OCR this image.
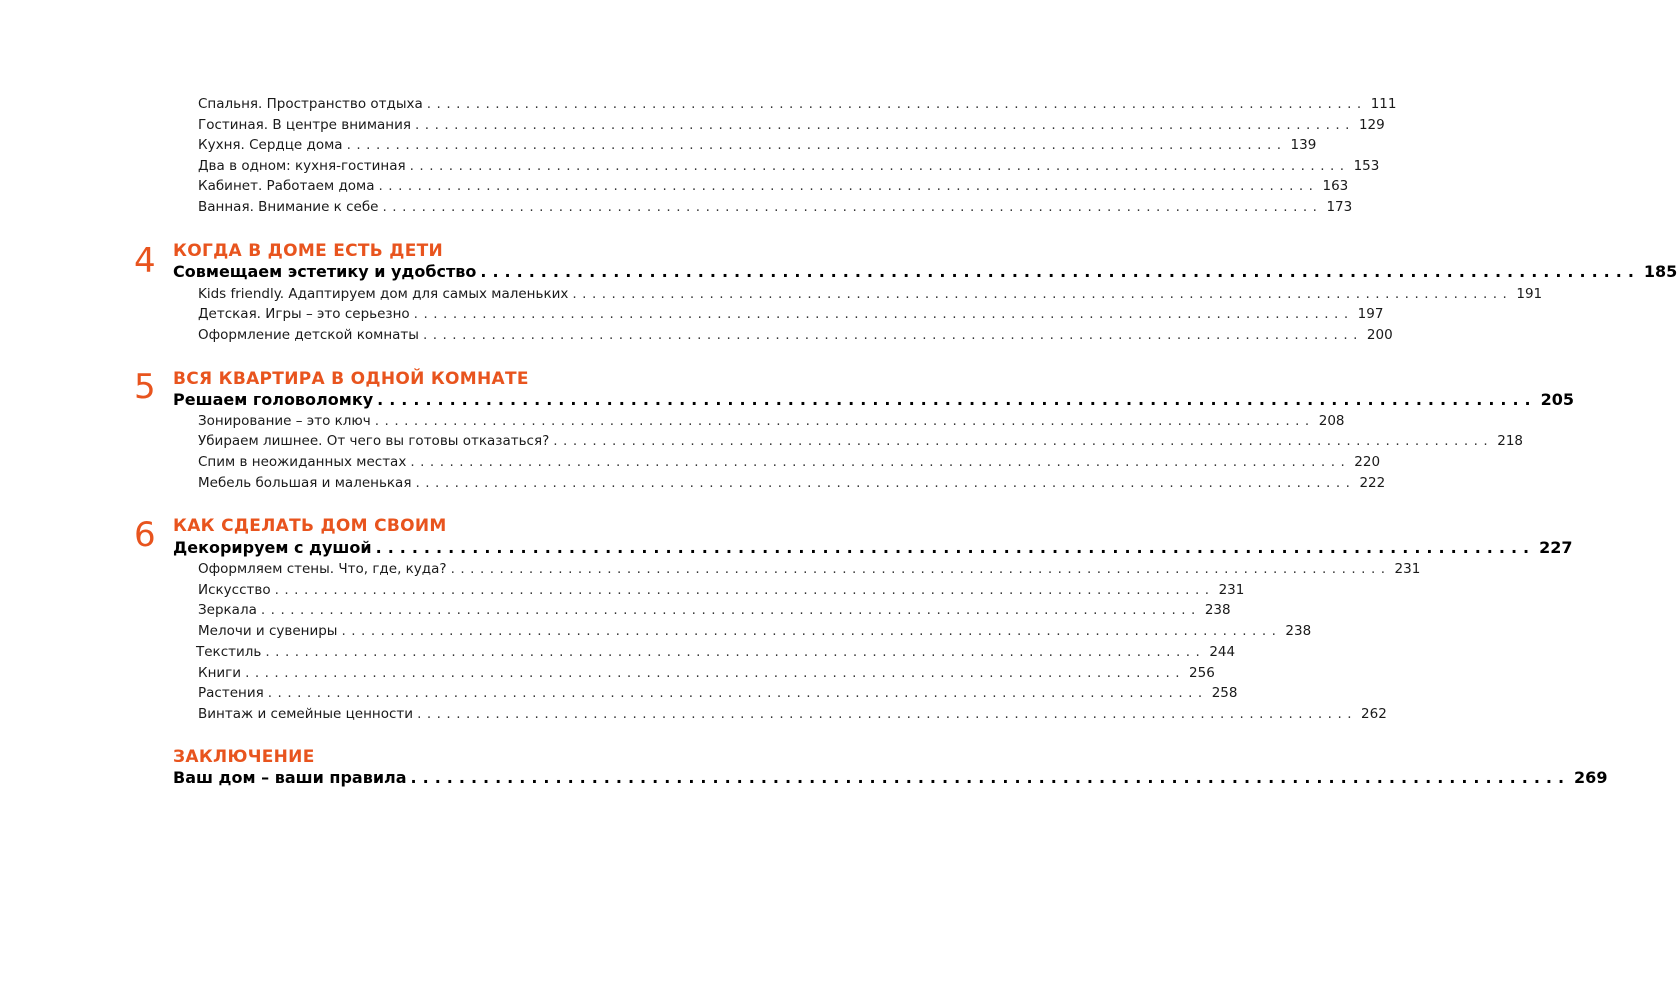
Спальня. Пространство отдыха ................................................................................................ 111
Гостиная. В центре внимания ................................................................................................ 129
Кухня. Сердце дома ................................................................................................ 139
Два в одном: кухня-гостиная ................................................................................................ 153
Кабинет. Работаем дома ................................................................................................ 163
Ванная. Внимание к себе ................................................................................................ 173
4 КОГДА В ДОМЕ ЕСТЬ ДЕТИ
Совмещаем эстетику и удобство ................................................................................................ 185
Kids friendly. Адаптируем дом для самых маленьких ................................................................................................ 191
Детская. Игры – это серьезно ................................................................................................ 197
Оформление детской комнаты ................................................................................................ 200
5 ВСЯ КВАРТИРА В ОДНОЙ КОМНАТЕ
Решаем головоломку ................................................................................................ 205
Зонирование – это ключ ................................................................................................ 208
Убираем лишнее. От чего вы готовы отказаться? ................................................................................................ 218
Спим в неожиданных местах ................................................................................................ 220
Мебель большая и маленькая ................................................................................................ 222
6 КАК СДЕЛАТЬ ДОМ СВОИМ
Декорируем с душой ................................................................................................ 227
Оформляем стены. Что, где, куда? ................................................................................................ 231
Искусство ................................................................................................ 231
Зеркала ................................................................................................ 238
Мелочи и сувениры ................................................................................................ 238
Текстиль ................................................................................................ 244
Книги ................................................................................................ 256
Растения ................................................................................................ 258
Винтаж и семейные ценности ................................................................................................ 262
ЗАКЛЮЧЕНИЕ
Ваш дом – ваши правила ................................................................................................ 269
